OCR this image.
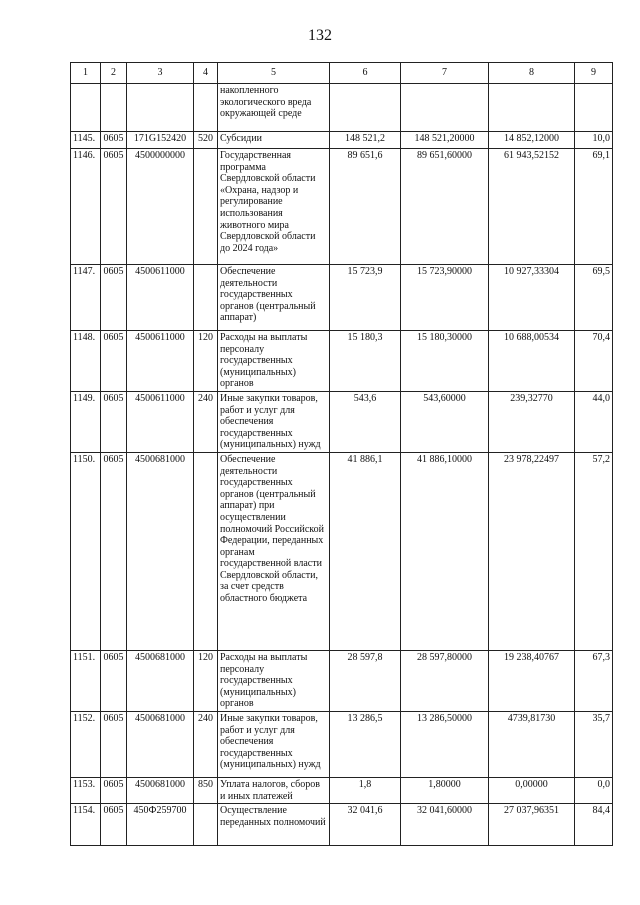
132
1	2	3	4	5	6	7	8	9
				накопленного экологического вреда окружающей среде				
1145.	0605	171G152420	520	Субсидии	148 521,2	148 521,20000	14 852,12000	10,0
1146.	0605	4500000000		Государственная программа Свердловской области «Охрана, надзор и регулирование использования животного мира Свердловской области до 2024 года»	89 651,6	89 651,60000	61 943,52152	69,1
1147.	0605	4500611000		Обеспечение деятельности государственных органов (центральный аппарат)	15 723,9	15 723,90000	10 927,33304	69,5
1148.	0605	4500611000	120	Расходы на выплаты персоналу государственных (муниципальных) органов	15 180,3	15 180,30000	10 688,00534	70,4
1149.	0605	4500611000	240	Иные закупки товаров, работ и услуг для обеспечения государственных (муниципальных) нужд	543,6	543,60000	239,32770	44,0
1150.	0605	4500681000		Обеспечение деятельности государственных органов (центральный аппарат) при осуществлении полномочий Российской Федерации, переданных органам государственной власти Свердловской области, за счет средств областного бюджета	41 886,1	41 886,10000	23 978,22497	57,2
1151.	0605	4500681000	120	Расходы на выплаты персоналу государственных (муниципальных) органов	28 597,8	28 597,80000	19 238,40767	67,3
1152.	0605	4500681000	240	Иные закупки товаров, работ и услуг для обеспечения государственных (муниципальных) нужд	13 286,5	13 286,50000	4739,81730	35,7
1153.	0605	4500681000	850	Уплата налогов, сборов и иных платежей	1,8	1,80000	0,00000	0,0
1154.	0605	450Ф259700		Осуществление переданных полномочий	32 041,6	32 041,60000	27 037,96351	84,4
